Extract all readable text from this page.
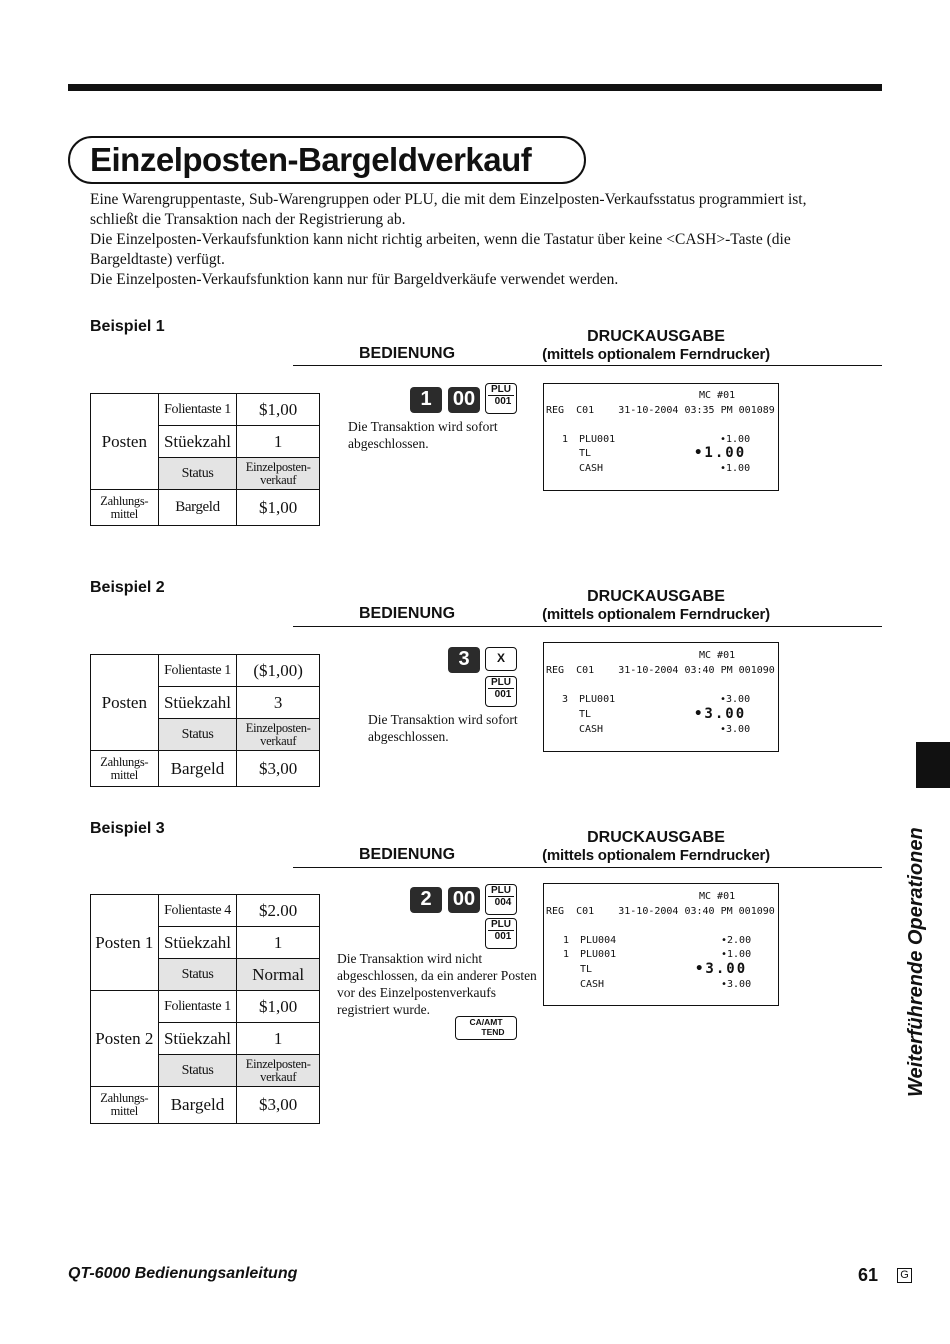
Einzelposten-Bargeldverkauf

Eine Warengruppentaste, Sub-Warengruppen oder PLU, die mit dem Einzelposten-Verkaufsstatus programmiert ist,

schließt die Transaktion nach der Registrierung ab.

Die Einzelposten-Verkaufsfunktion kann nicht richtig arbeiten, wenn die Tastatur über keine <CASH>-Taste (die

Bargeldtaste) verfügt.

Die Einzelposten-Verkaufsfunktion kann nur für Bargeldverkäufe verwendet werden.

Beispiel 1
DRUCKAUSGABE
(mittels optionalem Ferndrucker)
BEDIENUNG
Posten	Folientaste 1	$1,00
	Stüekzahl	1
	Status	Einzelposten-verkauf
Zahlungs-mittel	Bargeld	$1,00
1	00	PLU
001
Die Transaktion wird sofort
abgeschlossen.
MC #01
REG  C01    31-10-2004 03:35 PM 001089
1 PLU001	•1.00
TL	•1.00
CASH	•1.00
Beispiel 2
DRUCKAUSGABE
(mittels optionalem Ferndrucker)
BEDIENUNG
Posten	Folientaste 1	($1,00)
	Stüekzahl	3
	Status	Einzelposten-verkauf
Zahlungs-mittel	Bargeld	$3,00
3	X
PLU
001
Die Transaktion wird sofort
abgeschlossen.
MC #01
REG  C01    31-10-2004 03:40 PM 001090
3 PLU001	•3.00
TL	•3.00
CASH	•3.00
Beispiel 3
DRUCKAUSGABE
(mittels optionalem Ferndrucker)
BEDIENUNG
Posten 1	Folientaste 4	$2.00
	Stüekzahl	1
	Status	Normal
Posten 2	Folientaste 1	$1,00
	Stüekzahl	1
	Status	Einzelposten-verkauf
Zahlungs-mittel	Bargeld	$3,00
2	00	PLU
004
PLU
001
Die Transaktion wird nicht
abgeschlossen, da ein anderer Posten
vor des Einzelpostenverkaufs
registriert wurde.
CA/AMT
TEND
MC #01
REG  C01    31-10-2004 03:40 PM 001090
1 PLU004	•2.00
1 PLU001	•1.00
TL	•3.00
CASH	•3.00	Weiterführende Operationen
QT-6000 Bedienungsanleitung	61 G
